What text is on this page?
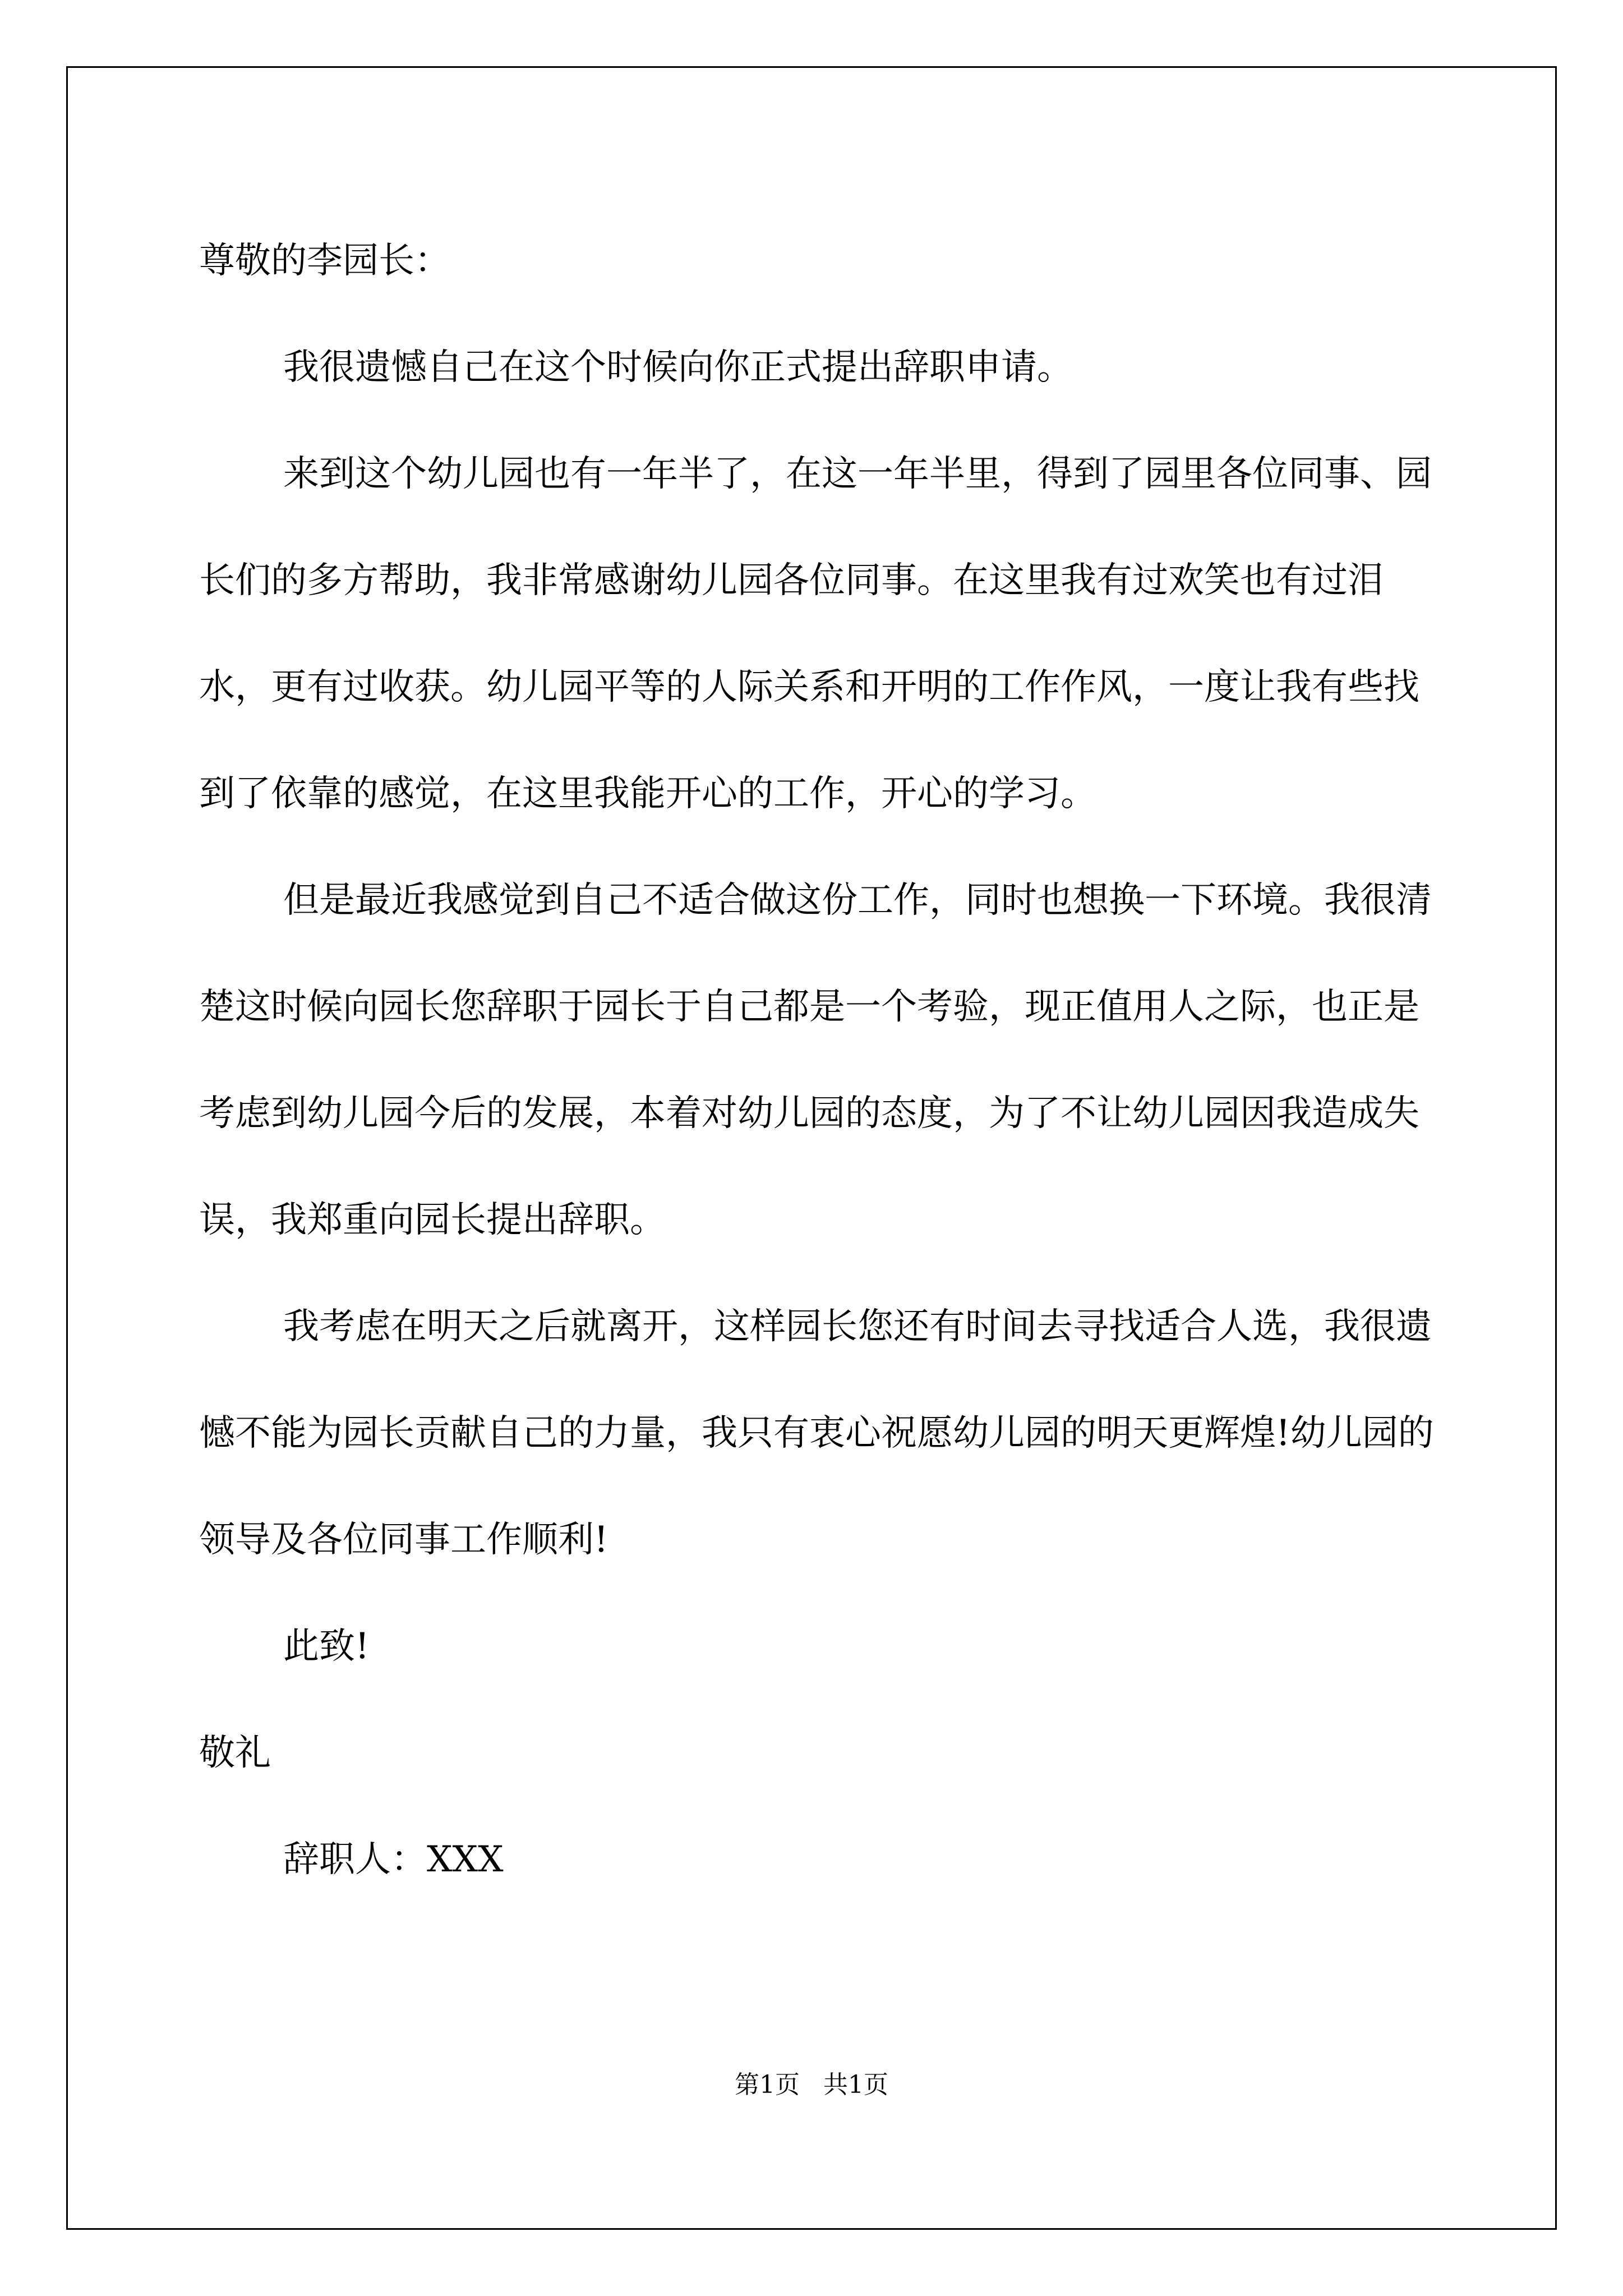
尊敬的李园长：

我很遗憾自己在这个时候向你正式提出辞职申请。

来到这个幼儿园也有一年半了，在这一年半里，得到了园里各位同事、园长们的多方帮助，我非常感谢幼儿园各位同事。在这里我有过欢笑也有过泪水，更有过收获。幼儿园平等的人际关系和开明的工作作风，一度让我有些找到了依靠的感觉，在这里我能开心的工作，开心的学习。

但是最近我感觉到自己不适合做这份工作，同时也想换一下环境。我很清楚这时候向园长您辞职于园长于自己都是一个考验，现正值用人之际，也正是考虑到幼儿园今后的发展，本着对幼儿园的态度，为了不让幼儿园因我造成失误，我郑重向园长提出辞职。

我考虑在明天之后就离开，这样园长您还有时间去寻找适合人选，我很遗憾不能为园长贡献自己的力量，我只有衷心祝愿幼儿园的明天更辉煌!幼儿园的领导及各位同事工作顺利!

此致!

敬礼

辞职人：XXX

第1页   共1页
